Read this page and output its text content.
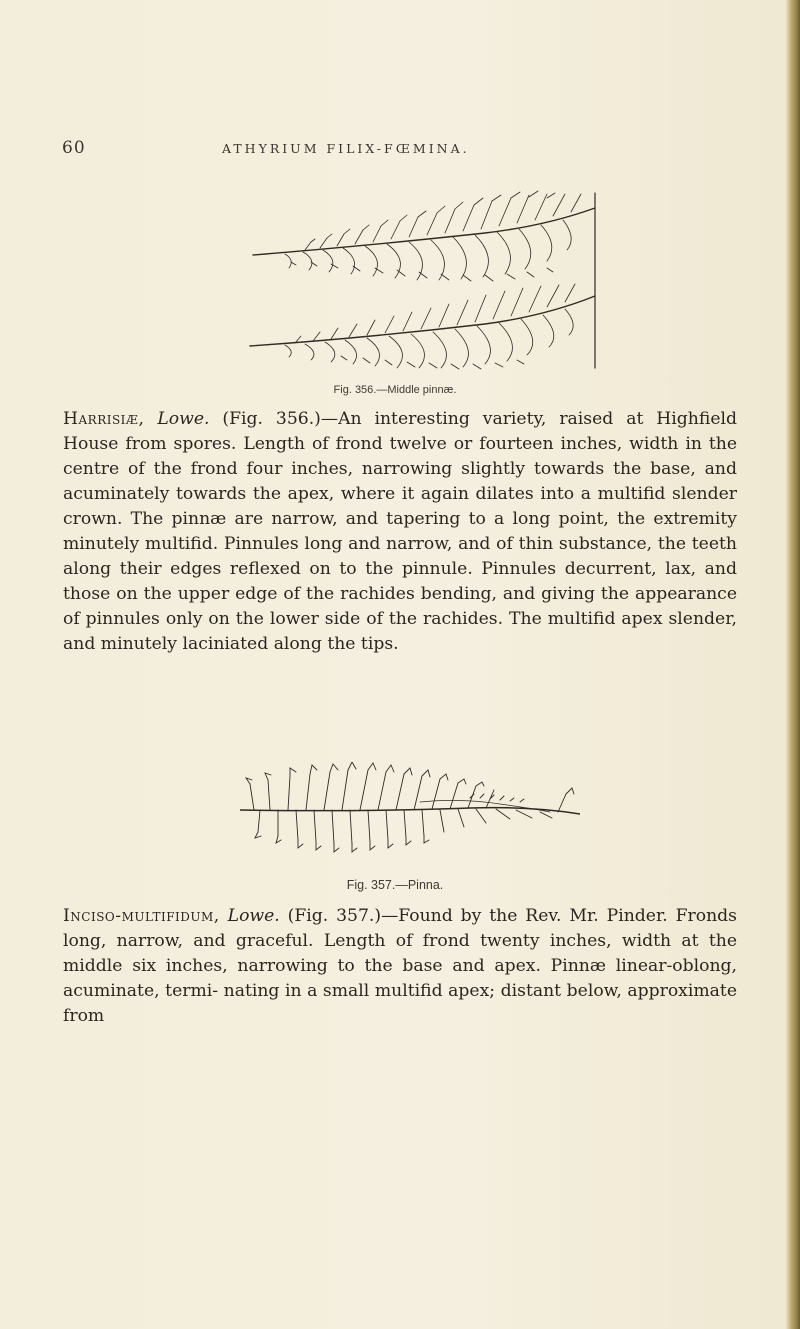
60	ATHYRIUM FILIX-FŒMINA.
Fig. 356.—Middle pinnæ.

Harrisiæ, Lowe. (Fig. 356.)—An interesting variety, raised at Highfield House from spores. Length of frond twelve or fourteen inches, width in the centre of the frond four inches, narrowing slightly towards the base, and acuminately towards the apex, where it again dilates into a multifid slender crown. The pinnæ are narrow, and tapering to a long point, the extremity minutely multifid. Pinnules long and narrow, and of thin substance, the teeth along their edges reflexed on to the pinnule. Pinnules decurrent, lax, and those on the upper edge of the rachides bending, and giving the appearance of pinnules only on the lower side of the rachides. The multifid apex slender, and minutely laciniated along the tips.

Fig. 357.—Pinna.

Inciso-multifidum, Lowe. (Fig. 357.)—Found by the Rev. Mr. Pinder. Fronds long, narrow, and graceful. Length of frond twenty inches, width at the middle six inches, narrowing to the base and apex. Pinnæ linear-oblong, acuminate, termi- nating in a small multifid apex; distant below, approximate from
